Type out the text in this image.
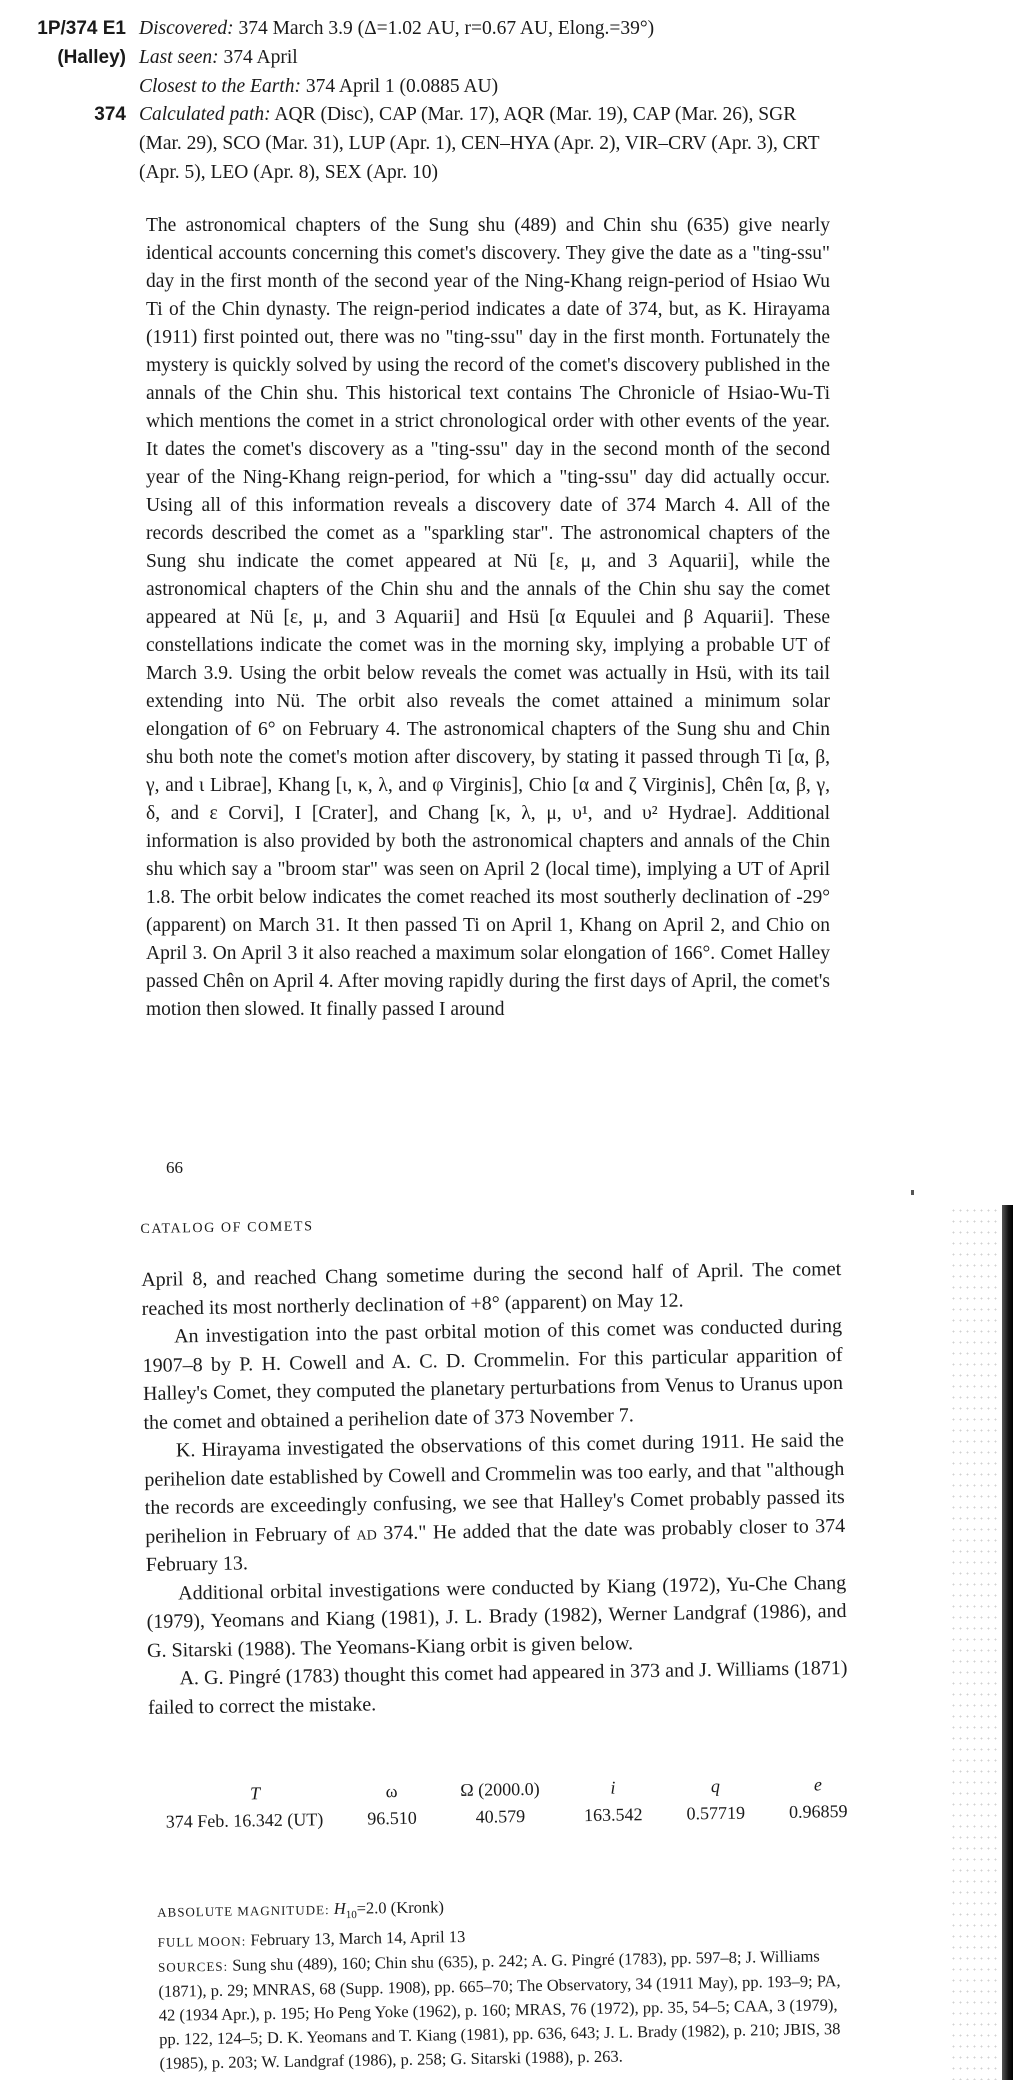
1P/374 E1
(Halley)
374
Discovered: 374 March 3.9 (Δ=1.02 AU, r=0.67 AU, Elong.=39°)
Last seen: 374 April
Closest to the Earth: 374 April 1 (0.0885 AU)
Calculated path: AQR (Disc), CAP (Mar. 17), AQR (Mar. 19), CAP (Mar. 26), SGR (Mar. 29), SCO (Mar. 31), LUP (Apr. 1), CEN–HYA (Apr. 2), VIR–CRV (Apr. 3), CRT (Apr. 5), LEO (Apr. 8), SEX (Apr. 10)
The astronomical chapters of the Sung shu (489) and Chin shu (635) give nearly identical accounts concerning this comet's discovery. They give the date as a "ting-ssu" day in the first month of the second year of the Ning-Khang reign-period of Hsiao Wu Ti of the Chin dynasty. The reign-period indicates a date of 374, but, as K. Hirayama (1911) first pointed out, there was no "ting-ssu" day in the first month. Fortunately the mystery is quickly solved by using the record of the comet's discovery published in the annals of the Chin shu. This historical text contains The Chronicle of Hsiao-Wu-Ti which mentions the comet in a strict chronological order with other events of the year. It dates the comet's discovery as a "ting-ssu" day in the second month of the second year of the Ning-Khang reign-period, for which a "ting-ssu" day did actually occur. Using all of this information reveals a discovery date of 374 March 4. All of the records described the comet as a "sparkling star". The astronomical chapters of the Sung shu indicate the comet appeared at Nü [ε, μ, and 3 Aquarii], while the astronomical chapters of the Chin shu and the annals of the Chin shu say the comet appeared at Nü [ε, μ, and 3 Aquarii] and Hsü [α Equulei and β Aquarii]. These constellations indicate the comet was in the morning sky, implying a probable UT of March 3.9. Using the orbit below reveals the comet was actually in Hsü, with its tail extending into Nü. The orbit also reveals the comet attained a minimum solar elongation of 6° on February 4. The astronomical chapters of the Sung shu and Chin shu both note the comet's motion after discovery, by stating it passed through Ti [α, β, γ, and ι Librae], Khang [ι, κ, λ, and φ Virginis], Chio [α and ζ Virginis], Chên [α, β, γ, δ, and ε Corvi], I [Crater], and Chang [κ, λ, μ, υ¹, and υ² Hydrae]. Additional information is also provided by both the astronomical chapters and annals of the Chin shu which say a "broom star" was seen on April 2 (local time), implying a UT of April 1.8. The orbit below indicates the comet reached its most southerly declination of -29° (apparent) on March 31. It then passed Ti on April 1, Khang on April 2, and Chio on April 3. On April 3 it also reached a maximum solar elongation of 166°. Comet Halley passed Chên on April 4. After moving rapidly during the first days of April, the comet's motion then slowed. It finally passed I around
66
CATALOG OF COMETS

April 8, and reached Chang sometime during the second half of April. The comet reached its most northerly declination of +8° (apparent) on May 12.

An investigation into the past orbital motion of this comet was conducted during 1907–8 by P. H. Cowell and A. C. D. Crommelin. For this particular apparition of Halley's Comet, they computed the planetary perturbations from Venus to Uranus upon the comet and obtained a perihelion date of 373 November 7.

K. Hirayama investigated the observations of this comet during 1911. He said the perihelion date established by Cowell and Crommelin was too early, and that "although the records are exceedingly confusing, we see that Halley's Comet probably passed its perihelion in February of ad 374." He added that the date was probably closer to 374 February 13.

Additional orbital investigations were conducted by Kiang (1972), Yu-Che Chang (1979), Yeomans and Kiang (1981), J. L. Brady (1982), Werner Landgraf (1986), and G. Sitarski (1988). The Yeomans-Kiang orbit is given below.

A. G. Pingré (1783) thought this comet had appeared in 373 and J. Williams (1871) failed to correct the mistake.

T	ω	Ω (2000.0)	i	q	e
374 Feb. 16.342 (UT)	96.510	40.579	163.542	0.57719	0.96859
ABSOLUTE MAGNITUDE: $H_{10}=2.0$ (Kronk)
FULL MOON: February 13, March 14, April 13
SOURCES: Sung shu (489), 160; Chin shu (635), p. 242; A. G. Pingré (1783), pp. 597–8; J. Williams (1871), p. 29; MNRAS, 68 (Supp. 1908), pp. 665–70; The Observatory, 34 (1911 May), pp. 193–9; PA, 42 (1934 Apr.), p. 195; Ho Peng Yoke (1962), p. 160; MRAS, 76 (1972), pp. 35, 54–5; CAA, 3 (1979), pp. 122, 124–5; D. K. Yeomans and T. Kiang (1981), pp. 636, 643; J. L. Brady (1982), p. 210; JBIS, 38 (1985), p. 203; W. Landgraf (1986), p. 258; G. Sitarski (1988), p. 263.
